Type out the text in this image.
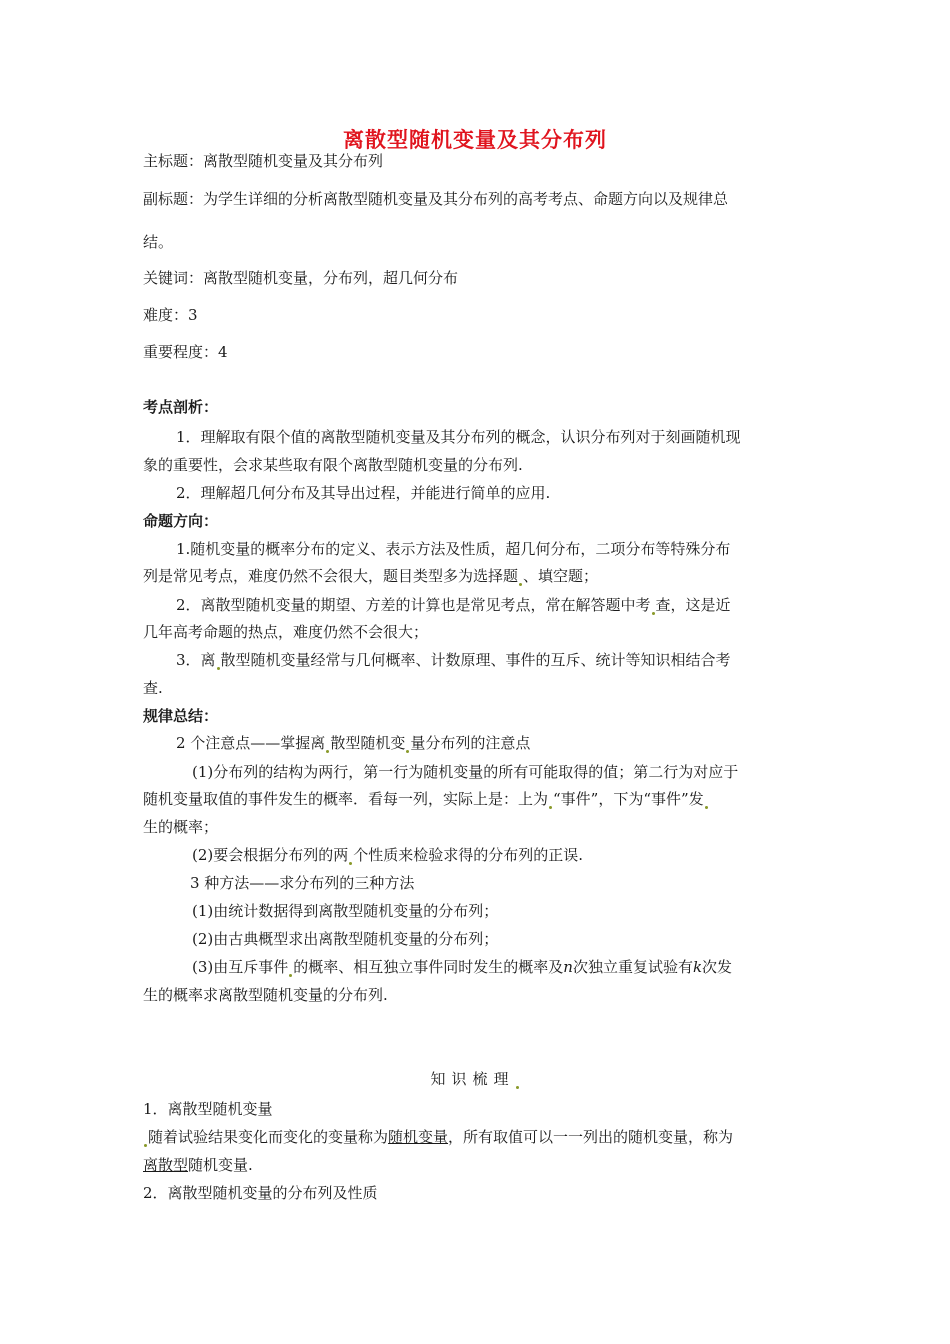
离散型随机变量及其分布列
主标题：离散型随机变量及其分布列
副标题：为学生详细的分析离散型随机变量及其分布列的高考考点、命题方向以及规律总
结。
关键词：离散型随机变量，分布列，超几何分布
难度：3
重要程度：4
考点剖析：
1．理解取有限个值的离散型随机变量及其分布列的概念，认识分布列对于刻画随机现
象的重要性，会求某些取有限个离散型随机变量的分布列.
2．理解超几何分布及其导出过程，并能进行简单的应用.
命题方向：
1.随机变量的概率分布的定义、表示方法及性质，超几何分布，二项分布等特殊分布
列是常见考点，难度仍然不会很大，题目类型多为选择题 、填空题；
2．离散型随机变量的期望、方差的计算也是常见考点，常在解答题中考 查，这是近
几年高考命题的热点，难度仍然不会很大；
3．离 散型随机变量经常与几何概率、计数原理、事件的互斥、统计等知识相结合考
查.
规律总结：
2 个注意点——掌握离 散型随机变 量分布列的注意点
(1)分布列的结构为两行，第一行为随机变量的所有可能取得的值；第二行为对应于
随机变量取值的事件发生的概率．看每一列，实际上是：上为 “事件”，下为“事件”发
生的概率；
(2)要会根据分布列的两 个性质来检验求得的分布列的正误.
3 种方法——求分布列的三种方法
(1)由统计数据得到离散型随机变量的分布列；
(2)由古典概型求出离散型随机变量的分布列；
(3)由互斥事件 的概率、相互独立事件同时发生的概率及n次独立重复试验有k次发
生的概率求离散型随机变量的分布列.
知识梳理
1．离散型随机变量
随着试验结果变化而变化的变量称为随机变量，所有取值可以一一列出的随机变量，称为
离散型随机变量.
2．离散型随机变量的分布列及性质
